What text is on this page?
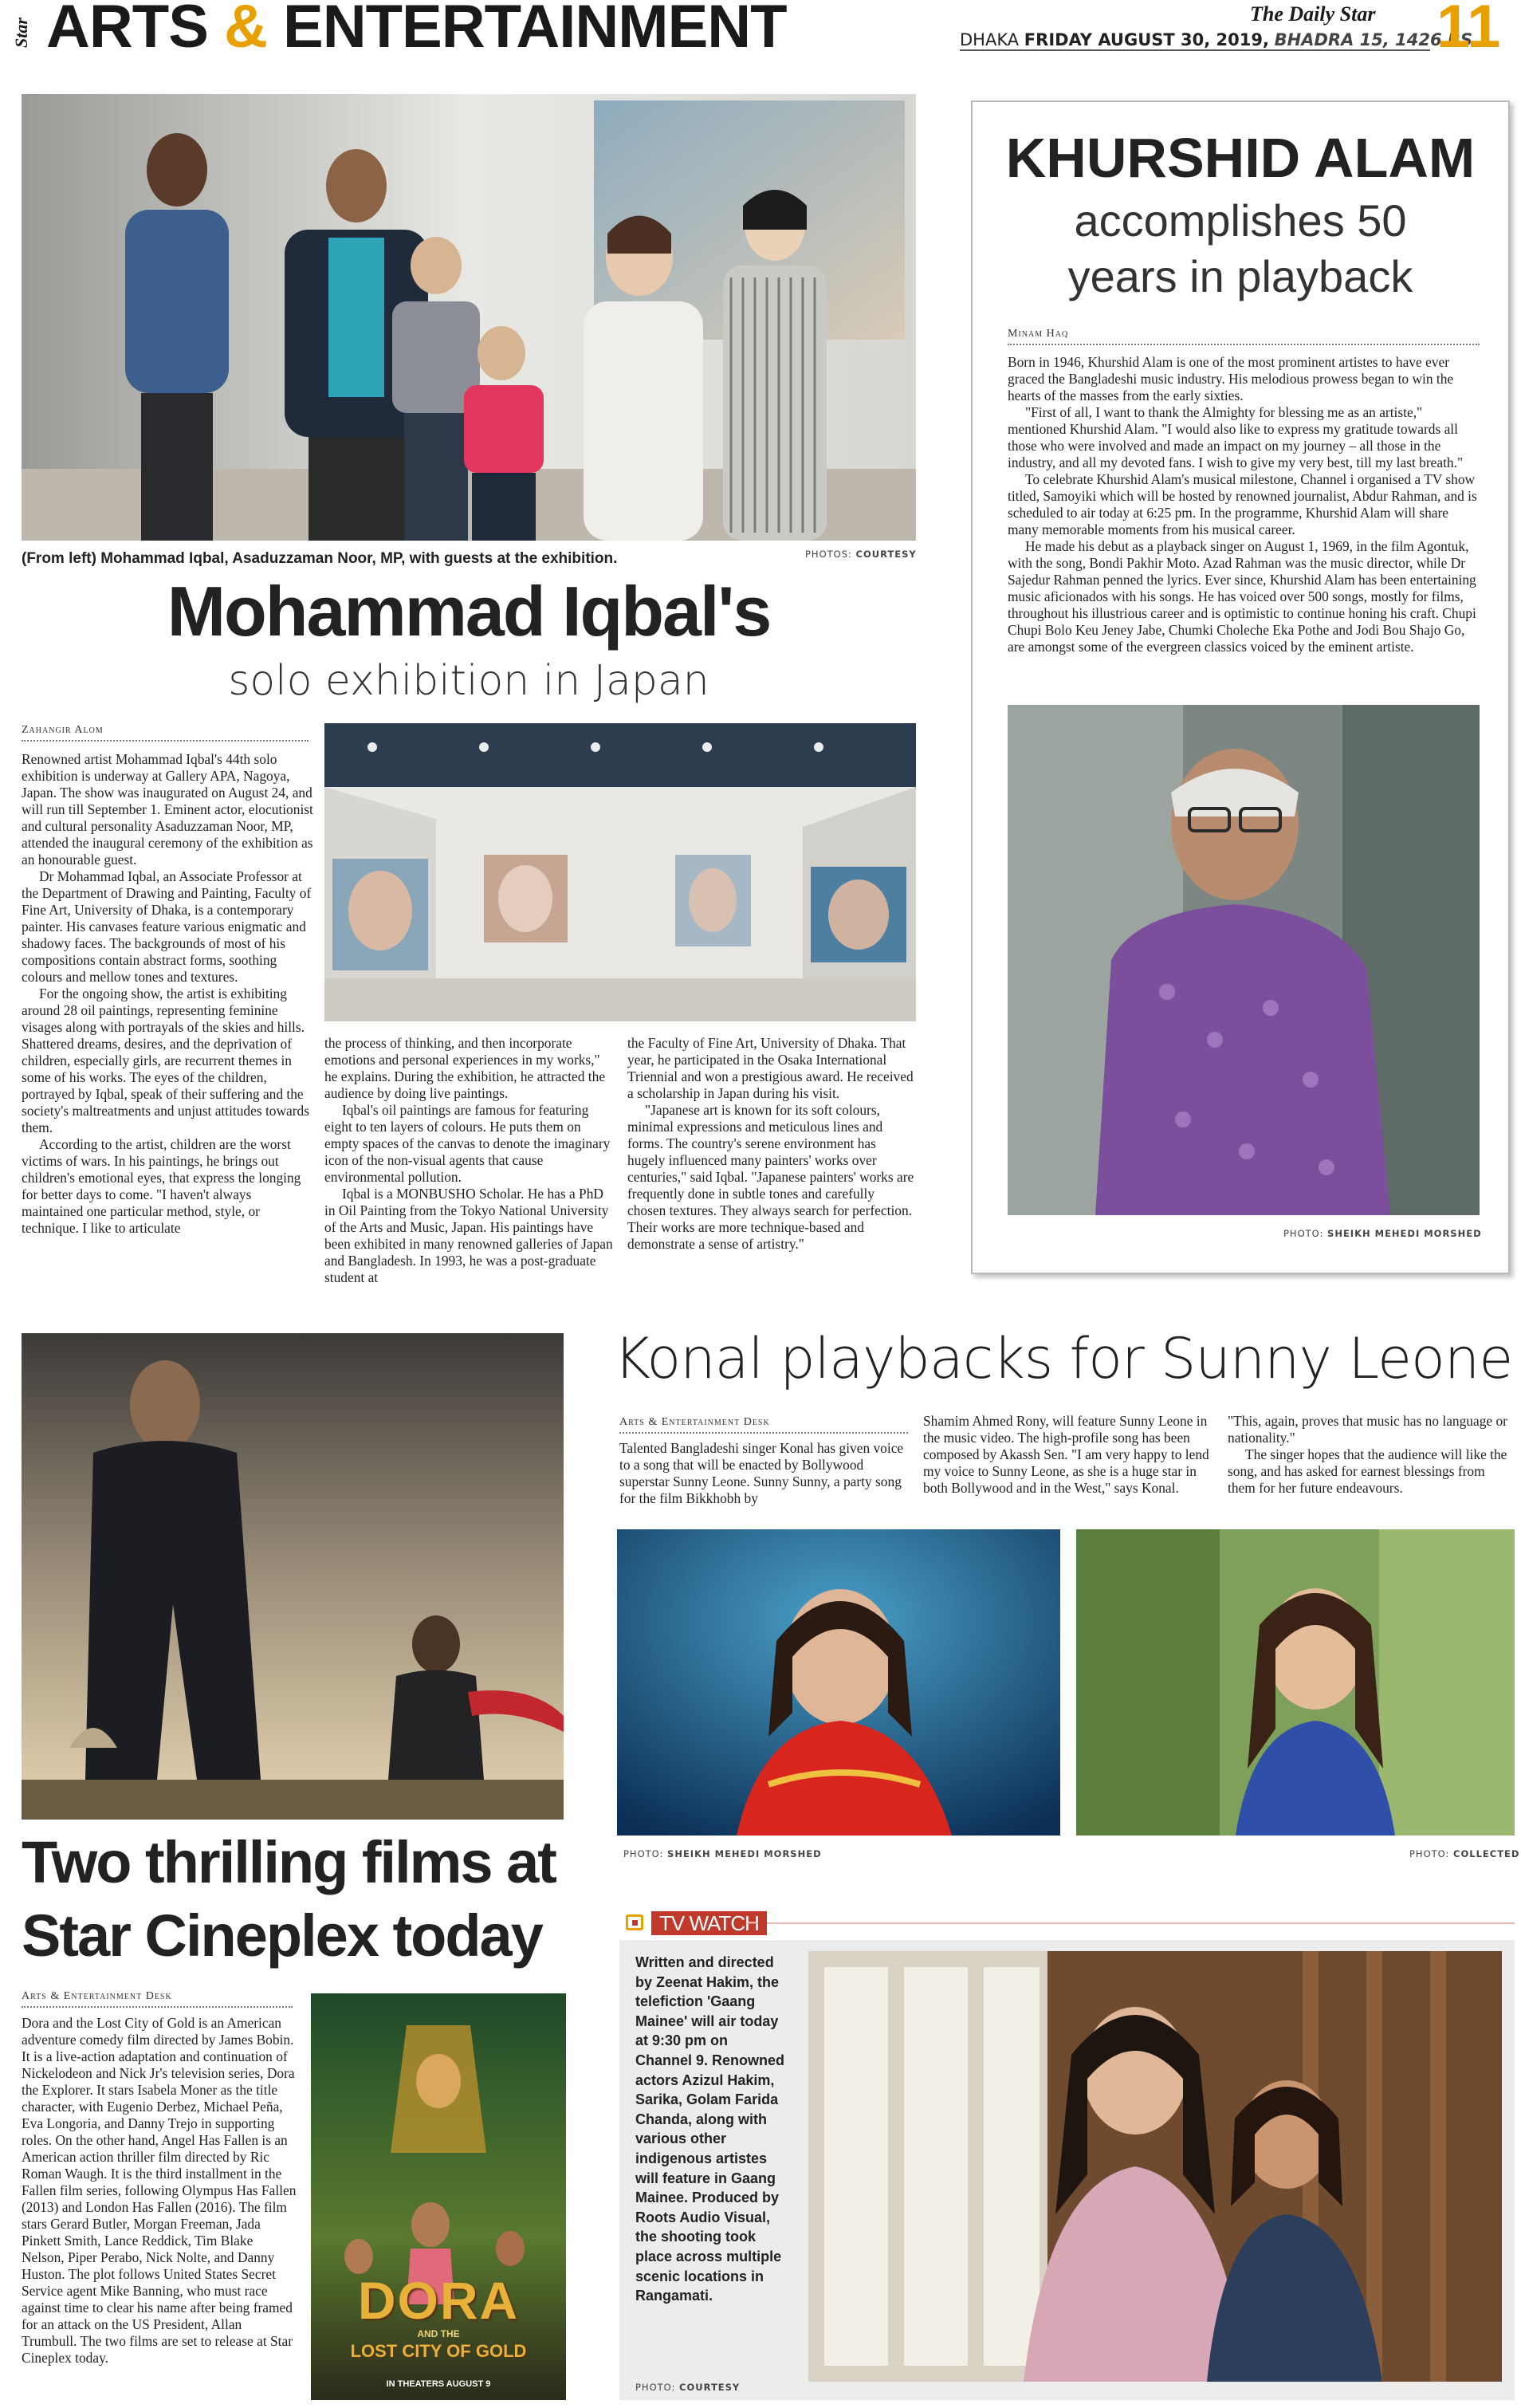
Star ARTS & ENTERTAINMENT	DHAKA FRIDAY AUGUST 30, 2019, BHADRA 15, 1426 BS
The Daily Star 11
(From left) Mohammad Iqbal, Asaduzzaman Noor, MP, with guests at the exhibition.	PHOTOS: COURTESY
Mohammad Iqbal's
solo exhibition in Japan
Zahangir Alom

Renowned artist Mohammad Iqbal's 44th solo exhibition is underway at Gallery APA, Nagoya, Japan. The show was inaugurated on August 24, and will run till September 1. Eminent actor, elocutionist and cultural personality Asaduzzaman Noor, MP, attended the inaugural ceremony of the exhibition as an honourable guest.

Dr Mohammad Iqbal, an Associate Professor at the Department of Drawing and Painting, Faculty of Fine Art, University of Dhaka, is a contemporary painter. His canvases feature various enigmatic and shadowy faces. The backgrounds of most of his compositions contain abstract forms, soothing colours and mellow tones and textures.

For the ongoing show, the artist is exhibiting around 28 oil paintings, representing feminine visages along with portrayals of the skies and hills. Shattered dreams, desires, and the deprivation of children, especially girls, are recurrent themes in some of his works. The eyes of the children, portrayed by Iqbal, speak of their suffering and the society's maltreatments and unjust attitudes towards them.

According to the artist, children are the worst victims of wars. In his paintings, he brings out children's emotional eyes, that express the longing for better days to come. "I haven't always maintained one particular method, style, or technique. I like to articulate

the process of thinking, and then incorporate emotions and personal experiences in my works," he explains. During the exhibition, he attracted the audience by doing live paintings.

Iqbal's oil paintings are famous for featuring eight to ten layers of colours. He puts them on empty spaces of the canvas to denote the imaginary icon of the non-visual agents that cause environmental pollution.

Iqbal is a MONBUSHO Scholar. He has a PhD in Oil Painting from the Tokyo National University of the Arts and Music, Japan. His paintings have been exhibited in many renowned galleries of Japan and Bangladesh. In 1993, he was a post-graduate student at

the Faculty of Fine Art, University of Dhaka. That year, he participated in the Osaka International Triennial and won a prestigious award. He received a scholarship in Japan during his visit.

"Japanese art is known for its soft colours, minimal expressions and meticulous lines and forms. The country's serene environment has hugely influenced many painters' works over centuries," said Iqbal. "Japanese painters' works are frequently done in subtle tones and carefully chosen textures. They always search for perfection. Their works are more technique-based and demonstrate a sense of artistry."

KHURSHID ALAM
accomplishes 50 years in playback
Minam Haq

Born in 1946, Khurshid Alam is one of the most prominent artistes to have ever graced the Bangladeshi music industry. His melodious prowess began to win the hearts of the masses from the early sixties.

"First of all, I want to thank the Almighty for blessing me as an artiste," mentioned Khurshid Alam. "I would also like to express my gratitude towards all those who were involved and made an impact on my journey – all those in the industry, and all my devoted fans. I wish to give my very best, till my last breath."

To celebrate Khurshid Alam's musical milestone, Channel i organised a TV show titled, Samoyiki which will be hosted by renowned journalist, Abdur Rahman, and is scheduled to air today at 6:25 pm. In the programme, Khurshid Alam will share many memorable moments from his musical career.

He made his debut as a playback singer on August 1, 1969, in the film Agontuk, with the song, Bondi Pakhir Moto. Azad Rahman was the music director, while Dr Sajedur Rahman penned the lyrics. Ever since, Khurshid Alam has been entertaining music aficionados with his songs. He has voiced over 500 songs, mostly for films, throughout his illustrious career and is optimistic to continue honing his craft. Chupi Chupi Bolo Keu Jeney Jabe, Chumki Choleche Eka Pothe and Jodi Bou Shajo Go, are amongst some of the evergreen classics voiced by the eminent artiste.

PHOTO: SHEIKH MEHEDI MORSHED
Konal playbacks for Sunny Leone
Arts & Entertainment Desk

Talented Bangladeshi singer Konal has given voice to a song that will be enacted by Bollywood superstar Sunny Leone. Sunny Sunny, a party song for the film Bikkhobh by

Shamim Ahmed Rony, will feature Sunny Leone in the music video. The high-profile song has been composed by Akassh Sen. "I am very happy to lend my voice to Sunny Leone, as she is a huge star in both Bollywood and in the West," says Konal.

"This, again, proves that music has no language or nationality."

The singer hopes that the audience will like the song, and has asked for earnest blessings from them for her future endeavours.

PHOTO: SHEIKH MEHEDI MORSHED	PHOTO: COLLECTED
Two thrilling films at
Star Cineplex today
Arts & Entertainment Desk

Dora and the Lost City of Gold is an American adventure comedy film directed by James Bobin. It is a live-action adaptation and continuation of Nickelodeon and Nick Jr's television series, Dora the Explorer. It stars Isabela Moner as the title character, with Eugenio Derbez, Michael Peña, Eva Longoria, and Danny Trejo in supporting roles. On the other hand, Angel Has Fallen is an American action thriller film directed by Ric Roman Waugh. It is the third installment in the Fallen film series, following Olympus Has Fallen (2013) and London Has Fallen (2016). The film stars Gerard Butler, Morgan Freeman, Jada Pinkett Smith, Lance Reddick, Tim Blake Nelson, Piper Perabo, Nick Nolte, and Danny Huston. The plot follows United States Secret Service agent Mike Banning, who must race against time to clear his name after being framed for an attack on the US President, Allan Trumbull. The two films are set to release at Star Cineplex today.

DORA
AND THE
LOST CITY OF GOLD
IN THEATERS AUGUST 9
TV WATCH
Written and directed by Zeenat Hakim, the telefiction 'Gaang Mainee' will air today at 9:30 pm on Channel 9. Renowned actors Azizul Hakim, Sarika, Golam Farida Chanda, along with various other indigenous artistes will feature in Gaang Mainee. Produced by Roots Audio Visual, the shooting took place across multiple scenic locations in Rangamati.
PHOTO: COURTESY
